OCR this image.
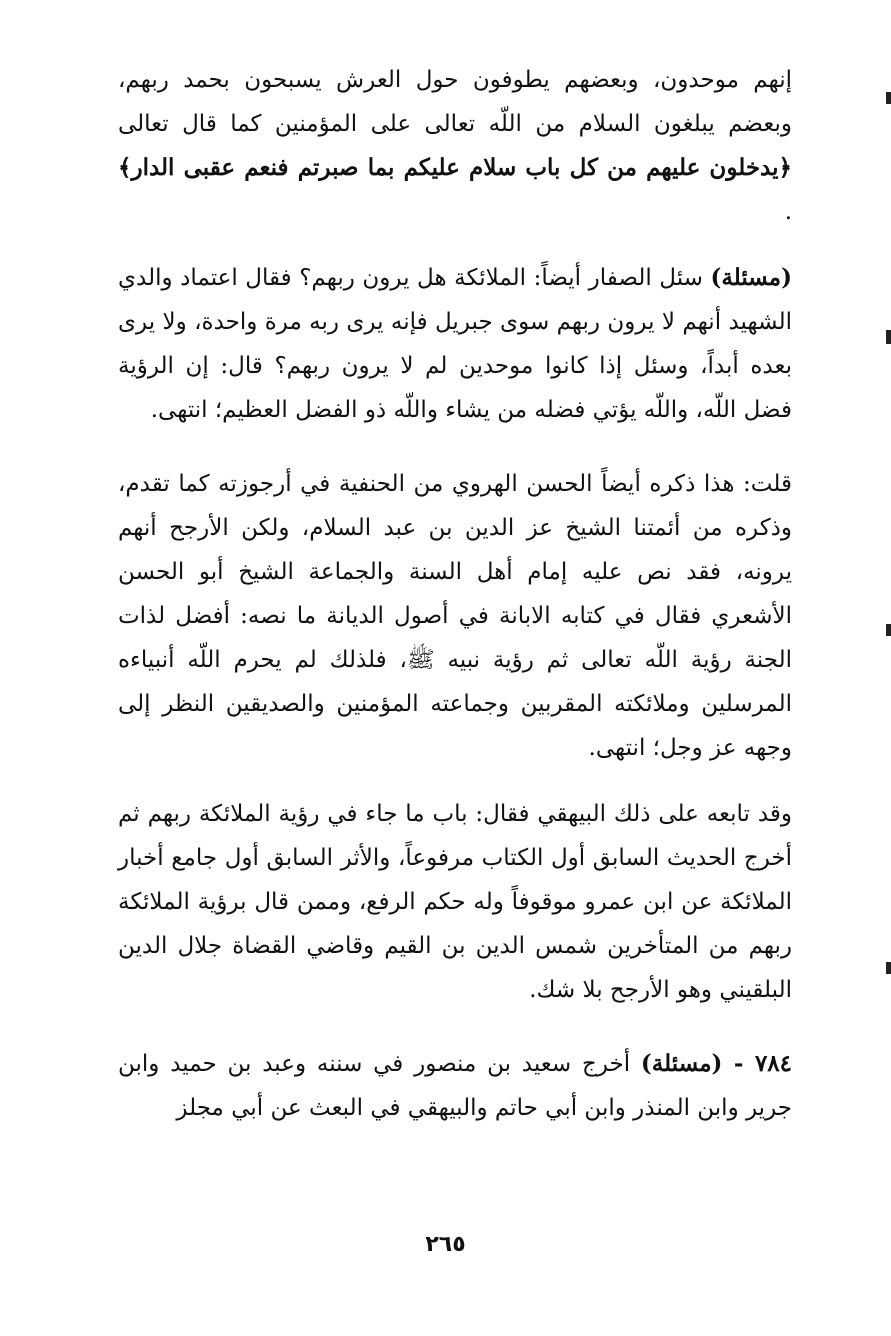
إنهم موحدون، وبعضهم يطوفون حول العرش يسبحون بحمد ربهم، وبعضم يبلغون السلام من اللّه تعالى على المؤمنين كما قال تعالى ﴿يدخلون عليهم من كل باب سلام عليكم بما صبرتم فنعم عقبى الدار﴾ .

(مسئلة) سئل الصفار أيضاً: الملائكة هل يرون ربهم؟ فقال اعتماد والدي الشهيد أنهم لا يرون ربهم سوى جبريل فإنه يرى ربه مرة واحدة، ولا يرى بعده أبداً، وسئل إذا كانوا موحدين لم لا يرون ربهم؟ قال: إن الرؤية فضل اللّه، واللّه يؤتي فضله من يشاء واللّه ذو الفضل العظيم؛ انتهى.

قلت: هذا ذكره أيضاً الحسن الهروي من الحنفية في أرجوزته كما تقدم، وذكره من أئمتنا الشيخ عز الدين بن عبد السلام، ولكن الأرجح أنهم يرونه، فقد نص عليه إمام أهل السنة والجماعة الشيخ أبو الحسن الأشعري فقال في كتابه الابانة في أصول الديانة ما نصه: أفضل لذات الجنة رؤية اللّه تعالى ثم رؤية نبيه ﷺ، فلذلك لم يحرم اللّه أنبياءه المرسلين وملائكته المقربين وجماعته المؤمنين والصديقين النظر إلى وجهه عز وجل؛ انتهى.

وقد تابعه على ذلك البيهقي فقال: باب ما جاء في رؤية الملائكة ربهم ثم أخرج الحديث السابق أول الكتاب مرفوعاً، والأثر السابق أول جامع أخبار الملائكة عن ابن عمرو موقوفاً وله حكم الرفع، وممن قال برؤية الملائكة ربهم من المتأخرين شمس الدين بن القيم وقاضي القضاة جلال الدين البلقيني وهو الأرجح بلا شك.

٧٨٤ - (مسئلة) أخرج سعيد بن منصور في سننه وعبد بن حميد وابن جرير وابن المنذر وابن أبي حاتم والبيهقي في البعث عن أبي مجلز

٢٦٥
